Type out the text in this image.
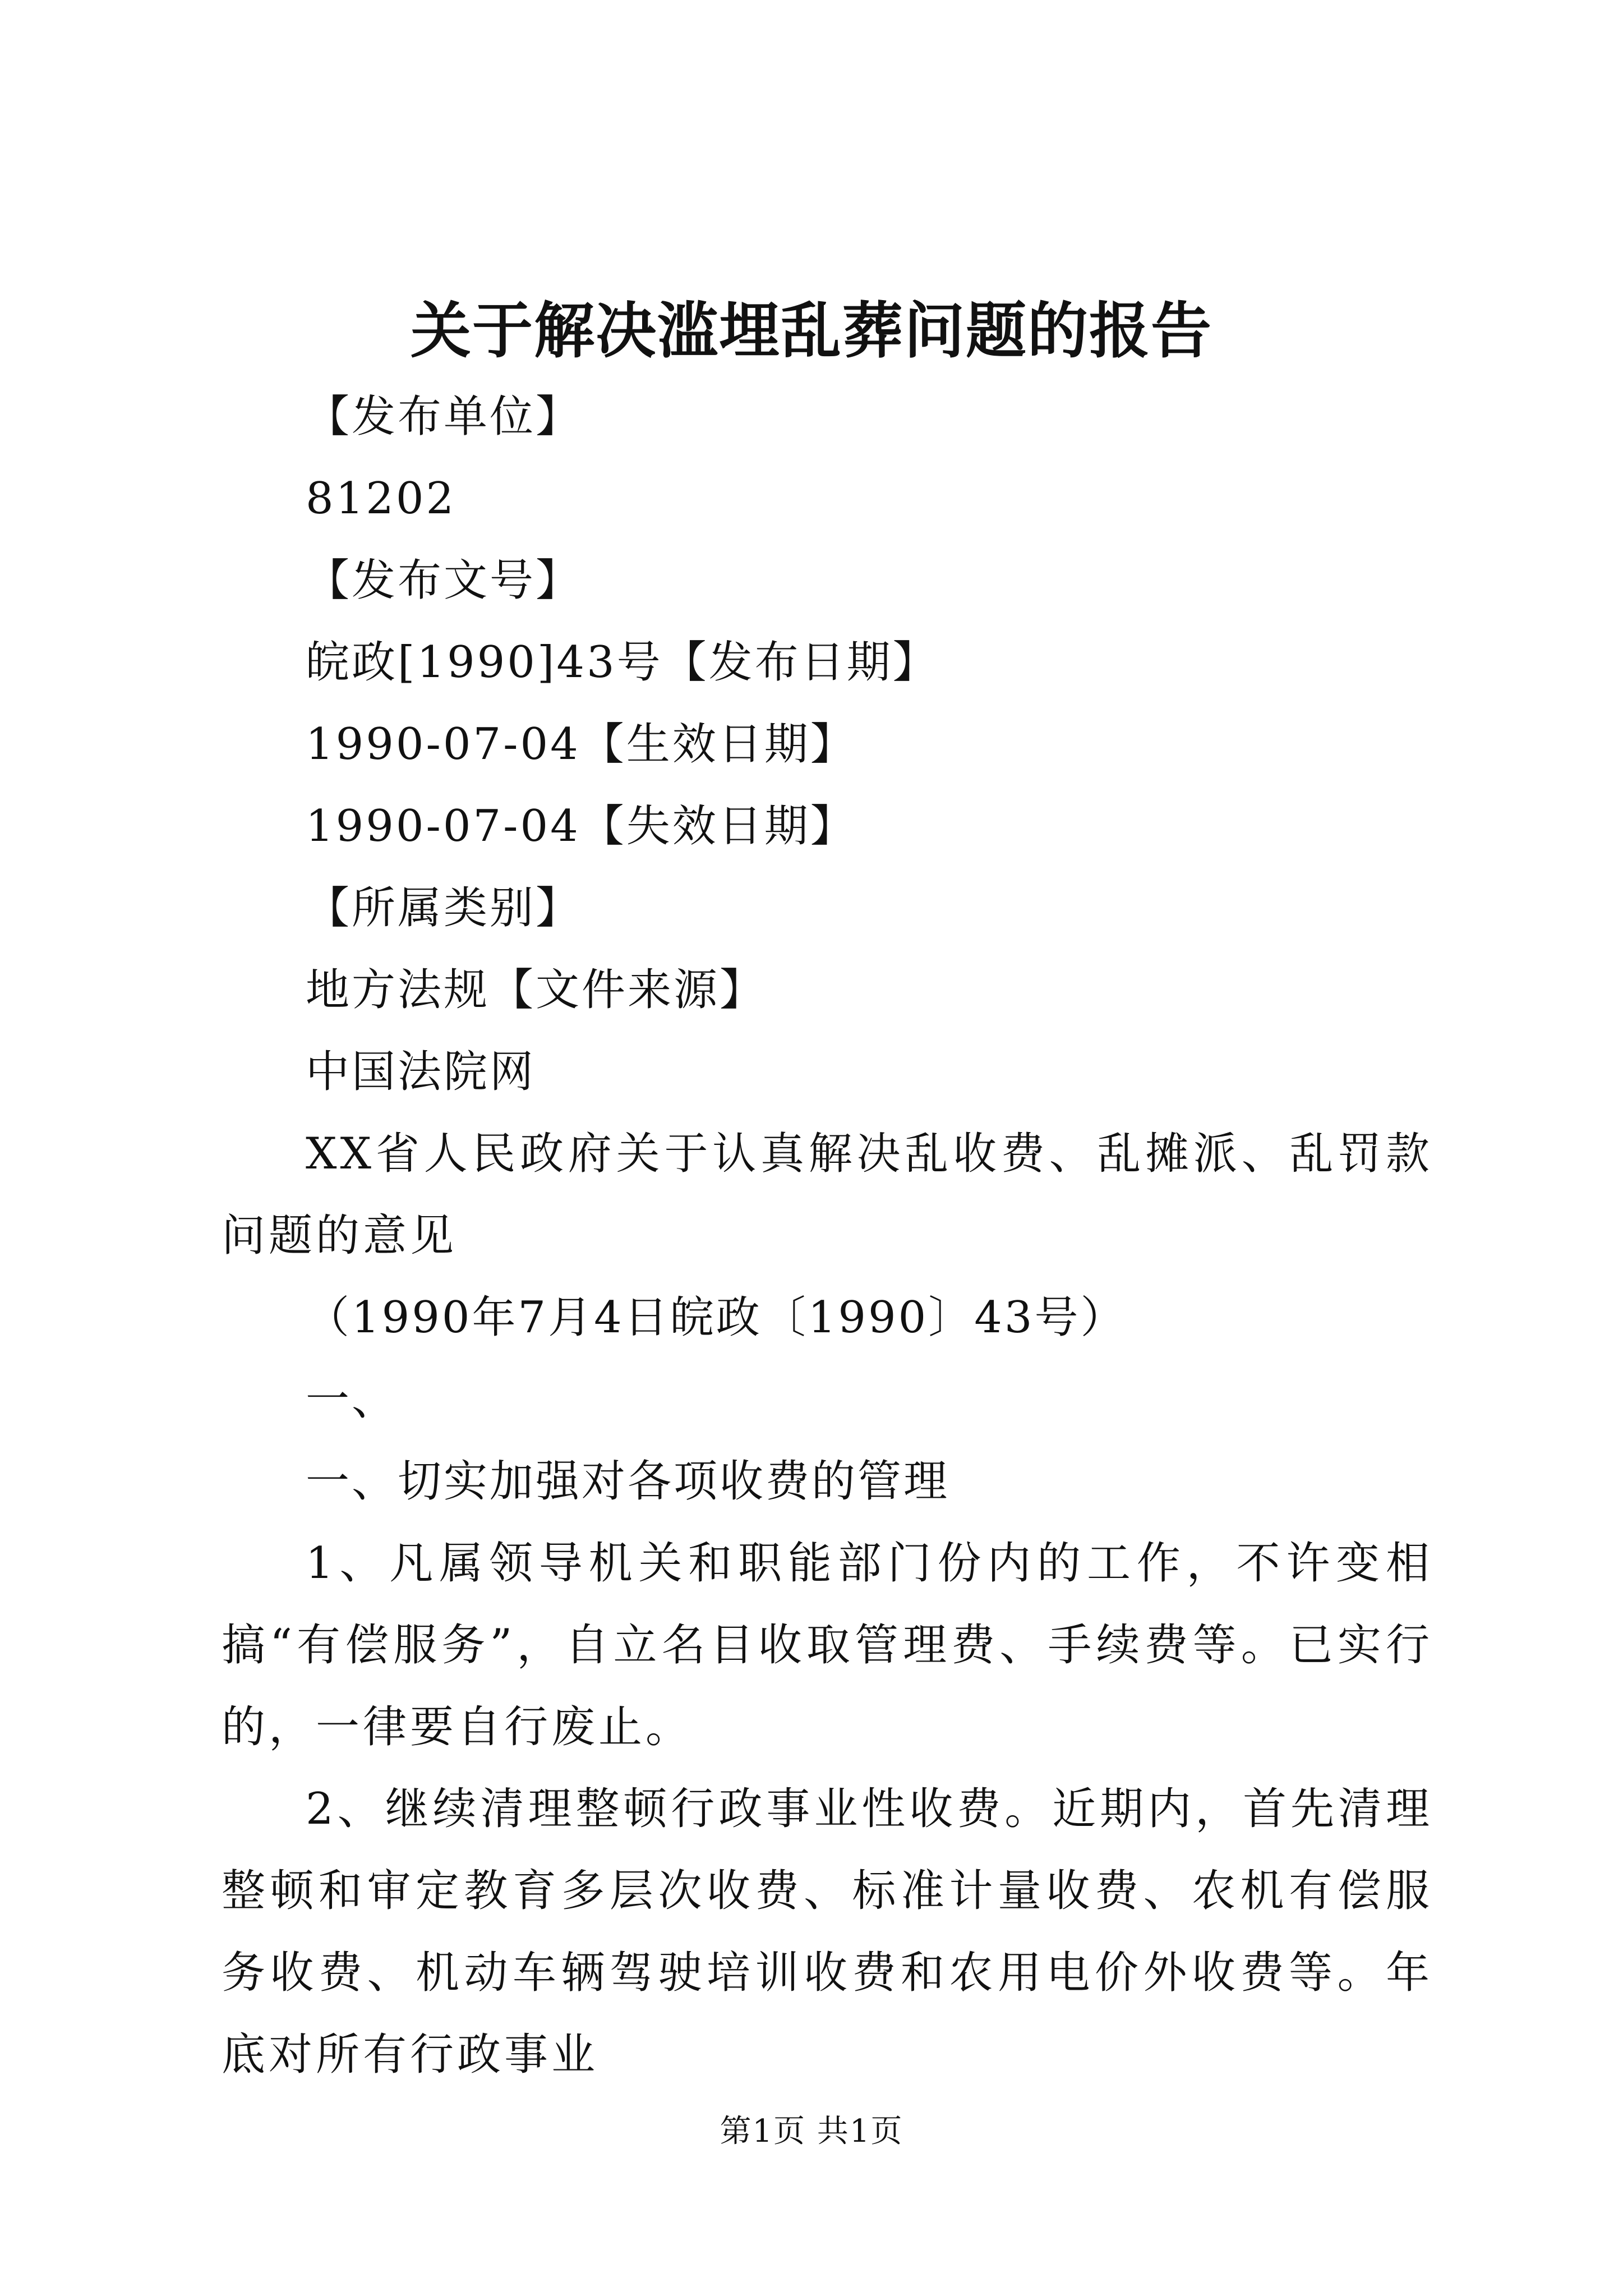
关于解决滥埋乱葬问题的报告
【发布单位】
81202
【发布文号】
皖政[1990]43号【发布日期】
1990-07-04【生效日期】
1990-07-04【失效日期】
【所属类别】
地方法规【文件来源】
中国法院网
XX省人民政府关于认真解决乱收费、乱摊派、乱罚款问题的意见
（1990年7月4日皖政〔1990〕43号）
一、
一、切实加强对各项收费的管理
1、凡属领导机关和职能部门份内的工作，不许变相搞“有偿服务”，自立名目收取管理费、手续费等。已实行的，一律要自行废止。
2、继续清理整顿行政事业性收费。近期内，首先清理整顿和审定教育多层次收费、标准计量收费、农机有偿服务收费、机动车辆驾驶培训收费和农用电价外收费等。年底对所有行政事业
第1页 共1页
